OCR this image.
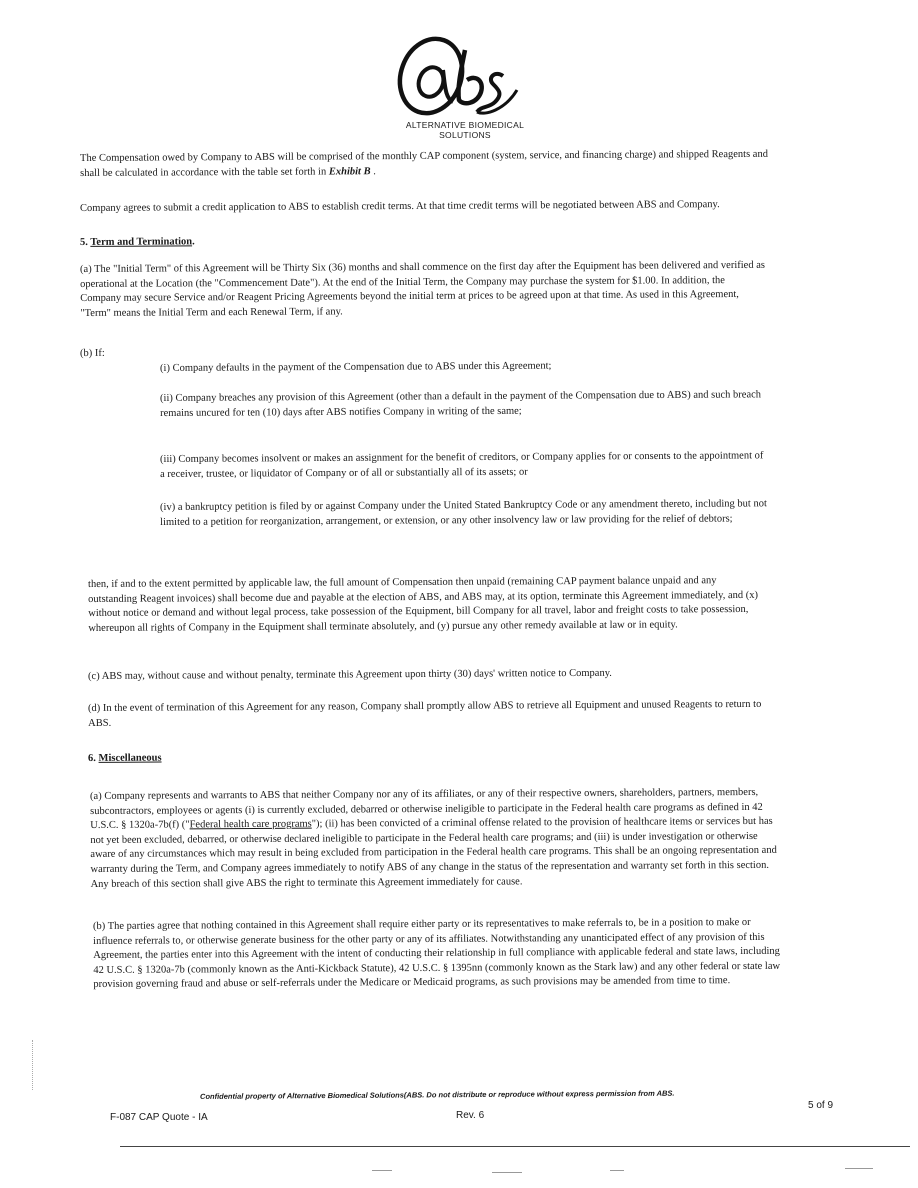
ALTERNATIVE BIOMEDICAL SOLUTIONS

The Compensation owed by Company to ABS will be comprised of the monthly CAP component (system, service, and financing charge) and shipped Reagents and shall be calculated in accordance with the table set forth in Exhibit B .

Company agrees to submit a credit application to ABS to establish credit terms. At that time credit terms will be negotiated between ABS and Company.

5. Term and Termination.

(a) The "Initial Term" of this Agreement will be Thirty Six (36) months and shall commence on the first day after the Equipment has been delivered and verified as operational at the Location (the "Commencement Date"). At the end of the Initial Term, the Company may purchase the system for $1.00. In addition, the Company may secure Service and/or Reagent Pricing Agreements beyond the initial term at prices to be agreed upon at that time. As used in this Agreement, "Term" means the Initial Term and each Renewal Term, if any.

(b) If:

(i) Company defaults in the payment of the Compensation due to ABS under this Agreement;

(ii) Company breaches any provision of this Agreement (other than a default in the payment of the Compensation due to ABS) and such breach remains uncured for ten (10) days after ABS notifies Company in writing of the same;

(iii) Company becomes insolvent or makes an assignment for the benefit of creditors, or Company applies for or consents to the appointment of a receiver, trustee, or liquidator of Company or of all or substantially all of its assets; or

(iv) a bankruptcy petition is filed by or against Company under the United Stated Bankruptcy Code or any amendment thereto, including but not limited to a petition for reorganization, arrangement, or extension, or any other insolvency law or law providing for the relief of debtors;

then, if and to the extent permitted by applicable law, the full amount of Compensation then unpaid (remaining CAP payment balance unpaid and any outstanding Reagent invoices) shall become due and payable at the election of ABS, and ABS may, at its option, terminate this Agreement immediately, and (x) without notice or demand and without legal process, take possession of the Equipment, bill Company for all travel, labor and freight costs to take possession, whereupon all rights of Company in the Equipment shall terminate absolutely, and (y) pursue any other remedy available at law or in equity.

(c) ABS may, without cause and without penalty, terminate this Agreement upon thirty (30) days' written notice to Company.

(d) In the event of termination of this Agreement for any reason, Company shall promptly allow ABS to retrieve all Equipment and unused Reagents to return to ABS.

6. Miscellaneous

(a) Company represents and warrants to ABS that neither Company nor any of its affiliates, or any of their respective owners, shareholders, partners, members, subcontractors, employees or agents (i) is currently excluded, debarred or otherwise ineligible to participate in the Federal health care programs as defined in 42 U.S.C. § 1320a-7b(f) ("Federal health care programs"); (ii) has been convicted of a criminal offense related to the provision of healthcare items or services but has not yet been excluded, debarred, or otherwise declared ineligible to participate in the Federal health care programs; and (iii) is under investigation or otherwise aware of any circumstances which may result in being excluded from participation in the Federal health care programs. This shall be an ongoing representation and warranty during the Term, and Company agrees immediately to notify ABS of any change in the status of the representation and warranty set forth in this section. Any breach of this section shall give ABS the right to terminate this Agreement immediately for cause.

(b) The parties agree that nothing contained in this Agreement shall require either party or its representatives to make referrals to, be in a position to make or influence referrals to, or otherwise generate business for the other party or any of its affiliates. Notwithstanding any unanticipated effect of any provision of this Agreement, the parties enter into this Agreement with the intent of conducting their relationship in full compliance with applicable federal and state laws, including 42 U.S.C. § 1320a-7b (commonly known as the Anti-Kickback Statute), 42 U.S.C. § 1395nn (commonly known as the Stark law) and any other federal or state law provision governing fraud and abuse or self-referrals under the Medicare or Medicaid programs, as such provisions may be amended from time to time.

Confidential property of Alternative Biomedical Solutions(ABS. Do not distribute or reproduce without express permission from ABS.
F-087 CAP Quote - IA	Rev. 6
5 of 9
